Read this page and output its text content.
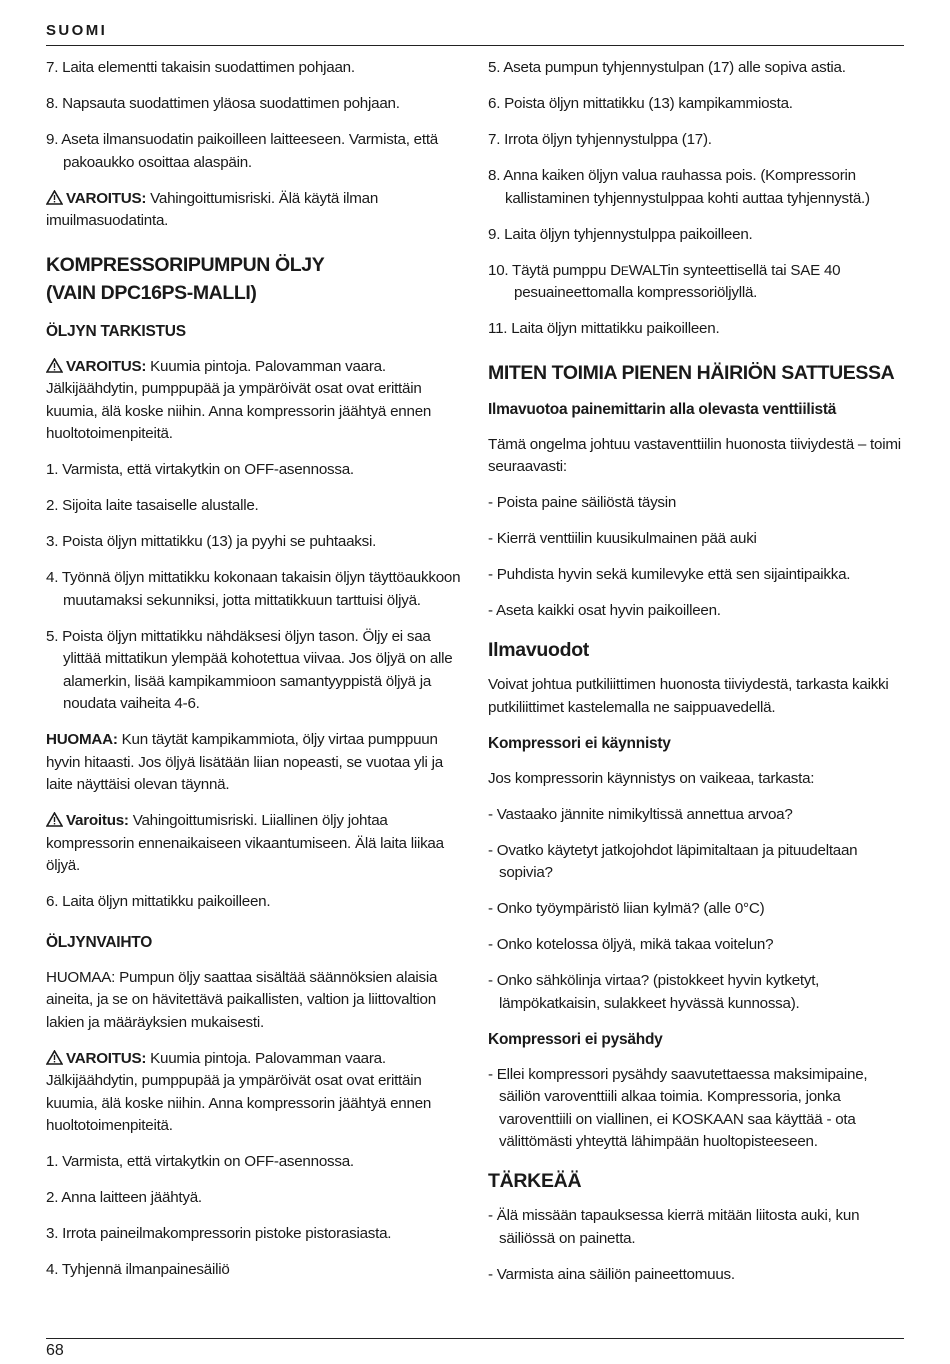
SUOMI

7. Laita elementti takaisin suodattimen pohjaan.

8. Napsauta suodattimen yläosa suodattimen pohjaan.

9. Aseta ilmansuodatin paikoilleen laitteeseen. Varmista, että pakoaukko osoittaa alaspäin.

VAROITUS: Vahingoittumisriski. Älä käytä ilman imuilmasuodatinta.

KOMPRESSORIPUMPUN ÖLJY
(VAIN DPC16PS-MALLI)
ÖLJYN TARKISTUS

VAROITUS: Kuumia pintoja. Palovamman vaara. Jälkijäähdytin, pumppupää ja ympäröivät osat ovat erittäin kuumia, älä koske niihin. Anna kompressorin jäähtyä ennen huoltotoimenpiteitä.

1. Varmista, että virtakytkin on OFF-asennossa.

2. Sijoita laite tasaiselle alustalle.

3. Poista öljyn mittatikku (13) ja pyyhi se puhtaaksi.

4. Työnnä öljyn mittatikku kokonaan takaisin öljyn täyttöaukkoon muutamaksi sekunniksi, jotta mittatikkuun tarttuisi öljyä.

5. Poista öljyn mittatikku nähdäksesi öljyn tason. Öljy ei saa ylittää mittatikun ylempää kohotettua viivaa. Jos öljyä on alle alamerkin, lisää kampikammioon samantyyppistä öljyä ja noudata vaiheita 4-6.

HUOMAA: Kun täytät kampikammiota, öljy virtaa pumppuun hyvin hitaasti. Jos öljyä lisätään liian nopeasti, se vuotaa yli ja laite näyttäisi olevan täynnä.

Varoitus: Vahingoittumisriski. Liiallinen öljy johtaa kompressorin ennenaikaiseen vikaantumiseen. Älä laita liikaa öljyä.

6. Laita öljyn mittatikku paikoilleen.

ÖLJYNVAIHTO

HUOMAA: Pumpun öljy saattaa sisältää säännöksien alaisia aineita, ja se on hävitettävä paikallisten, valtion ja liittovaltion lakien ja määräyksien mukaisesti.

VAROITUS: Kuumia pintoja. Palovamman vaara. Jälkijäähdytin, pumppupää ja ympäröivät osat ovat erittäin kuumia, älä koske niihin. Anna kompressorin jäähtyä ennen huoltotoimenpiteitä.

1. Varmista, että virtakytkin on OFF-asennossa.

2. Anna laitteen jäähtyä.

3. Irrota paineilmakompressorin pistoke pistorasiasta.

4. Tyhjennä ilmanpainesäiliö

5. Aseta pumpun tyhjennystulpan (17) alle sopiva astia.

6. Poista öljyn mittatikku (13) kampikammiosta.

7. Irrota öljyn tyhjennystulppa (17).

8. Anna kaiken öljyn valua rauhassa pois. (Kompressorin kallistaminen tyhjennystulppaa kohti auttaa tyhjennystä.)

9. Laita öljyn tyhjennystulppa paikoilleen.

10. Täytä pumppu DEWALTin synteettisellä tai SAE 40 pesuaineettomalla kompressoriöljyllä.

11. Laita öljyn mittatikku paikoilleen.

MITEN TOIMIA PIENEN HÄIRIÖN SATTUESSA
Ilmavuotoa painemittarin alla olevasta venttiilistä

Tämä ongelma johtuu vastaventtiilin huonosta tiiviydestä – toimi seuraavasti:

- Poista paine säiliöstä täysin

- Kierrä venttiilin kuusikulmainen pää auki

- Puhdista hyvin sekä kumilevyke että sen sijaintipaikka.

- Aseta kaikki osat hyvin paikoilleen.

Ilmavuodot

Voivat johtua putkiliittimen huonosta tiiviydestä, tarkasta kaikki putkiliittimet kastelemalla ne saippuavedellä.

Kompressori ei käynnisty

Jos kompressorin käynnistys on vaikeaa, tarkasta:

- Vastaako jännite nimikyltissä annettua arvoa?

- Ovatko käytetyt jatkojohdot läpimitaltaan ja pituudeltaan sopivia?

- Onko työympäristö liian kylmä? (alle 0°C)

- Onko kotelossa öljyä, mikä takaa voitelun?

- Onko sähkölinja virtaa? (pistokkeet hyvin kytketyt, lämpökatkaisin, sulakkeet hyvässä kunnossa).

Kompressori ei pysähdy

- Ellei kompressori pysähdy saavutettaessa maksimipaine, säiliön varoventtiili alkaa toimia. Kompressoria, jonka varoventtiili on viallinen, ei KOSKAAN saa käyttää - ota välittömästi yhteyttä lähimpään huoltopisteeseen.

TÄRKEÄÄ

- Älä missään tapauksessa kierrä mitään liitosta auki, kun säiliössä on painetta.

- Varmista aina säiliön paineettomuus.

68
